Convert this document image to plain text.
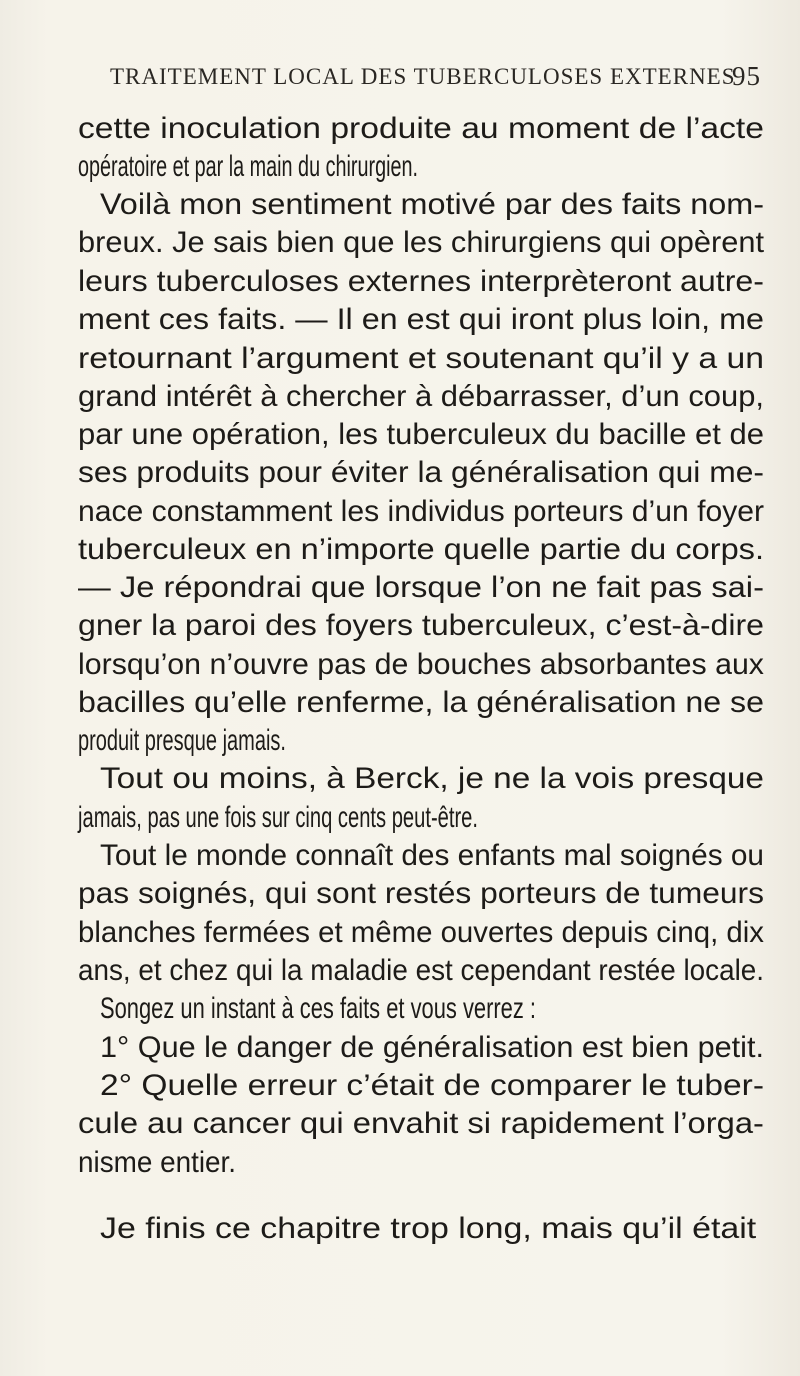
TRAITEMENT LOCAL DES TUBERCULOSES EXTERNES
95
cette inoculation produite au moment de l’acte
opératoire et par la main du chirurgien.
Voilà mon sentiment motivé par des faits nom-
breux. Je sais bien que les chirurgiens qui opèrent
leurs tuberculoses externes interprèteront autre-
ment ces faits. — Il en est qui iront plus loin, me
retournant l’argument et soutenant qu’il y a un
grand intérêt à chercher à débarrasser, d’un coup,
par une opération, les tuberculeux du bacille et de
ses produits pour éviter la généralisation qui me-
nace constamment les individus porteurs d’un foyer
tuberculeux en n’importe quelle partie du corps.
— Je répondrai que lorsque l’on ne fait pas sai-
gner la paroi des foyers tuberculeux, c’est-à-dire
lorsqu’on n’ouvre pas de bouches absorbantes aux
bacilles qu’elle renferme, la généralisation ne se
produit presque jamais.
Tout ou moins, à Berck, je ne la vois presque
jamais, pas une fois sur cinq cents peut-être.
Tout le monde connaît des enfants mal soignés ou
pas soignés, qui sont restés porteurs de tumeurs
blanches fermées et même ouvertes depuis cinq, dix
ans, et chez qui la maladie est cependant restée locale.
Songez un instant à ces faits et vous verrez :
1° Que le danger de généralisation est bien petit.
2° Quelle erreur c’était de comparer le tuber-
cule au cancer qui envahit si rapidement l’orga-
nisme entier.
Je finis ce chapitre trop long, mais qu’il était
